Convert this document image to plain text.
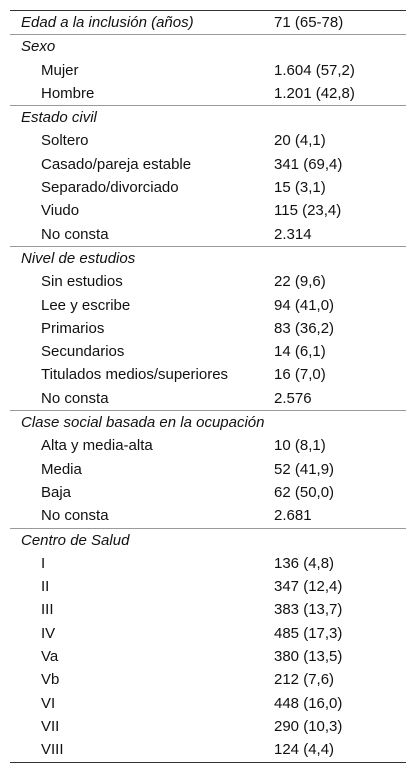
Edad a la inclusión (años)	71 (65-78)
Sexo
Mujer	1.604 (57,2)
Hombre	1.201 (42,8)
Estado civil
Soltero	20 (4,1)
Casado/pareja estable	341 (69,4)
Separado/divorciado	15 (3,1)
Viudo	115 (23,4)
No consta	2.314
Nivel de estudios
Sin estudios	22 (9,6)
Lee y escribe	94 (41,0)
Primarios	83 (36,2)
Secundarios	14 (6,1)
Titulados medios/superiores	16 (7,0)
No consta	2.576
Clase social basada en la ocupación
Alta y media-alta	10 (8,1)
Media	52 (41,9)
Baja	62 (50,0)
No consta	2.681
Centro de Salud
I	136 (4,8)
II	347 (12,4)
III	383 (13,7)
IV	485 (17,3)
Va	380 (13,5)
Vb	212 (7,6)
VI	448 (16,0)
VII	290 (10,3)
VIII	124 (4,4)
